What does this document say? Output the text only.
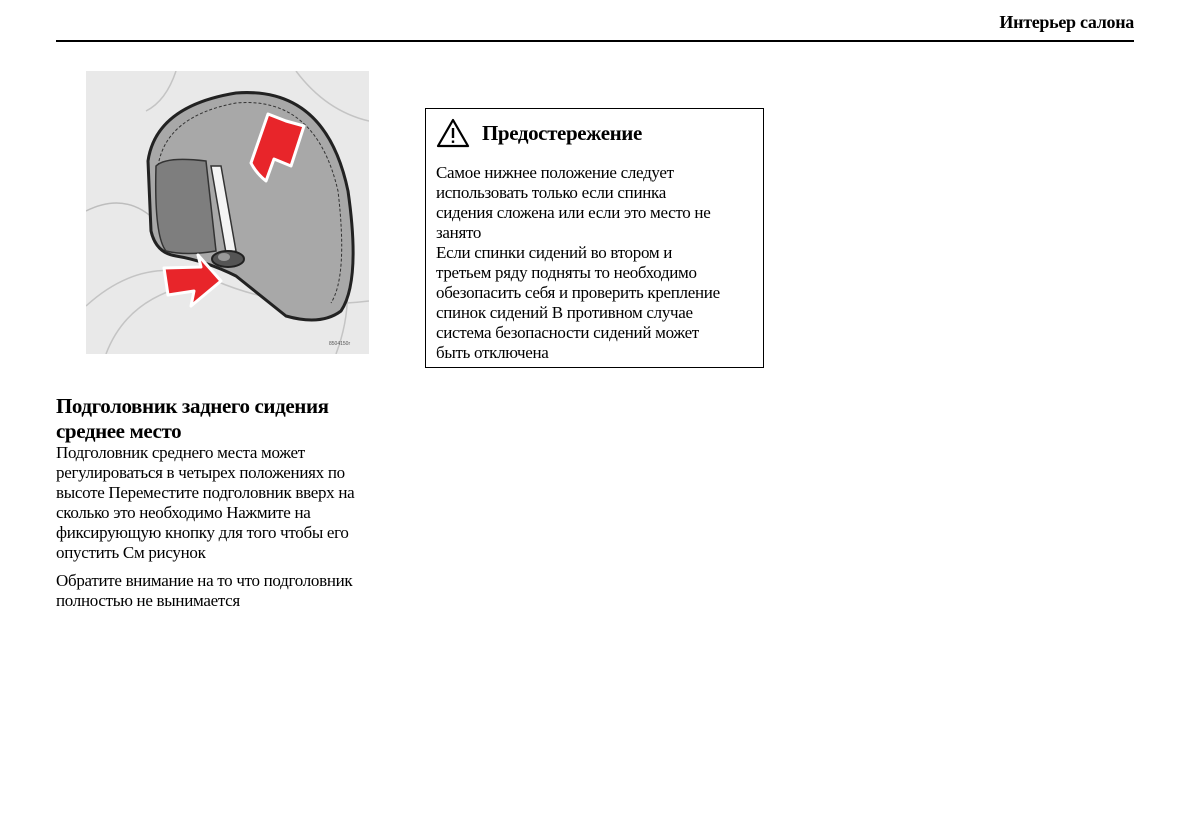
Интерьер салона
8504150r
Предостережение
Самое нижнее положение следует
использовать только если спинка
сидения сложена или если это место не
занято
Если спинки сидений во втором и
третьем ряду подняты то необходимо
обезопасить себя и проверить крепление
спинок сидений В противном случае
система безопасности сидений может
быть отключена
Подголовник заднего сидения
среднее место
Подголовник среднего места может
регулироваться в четырех положениях по
высоте Переместите подголовник вверх на
сколько это необходимо Нажмите на
фиксирующую кнопку для того чтобы его
опустить См рисунок
Обратите внимание на то что подголовник
полностью не вынимается
